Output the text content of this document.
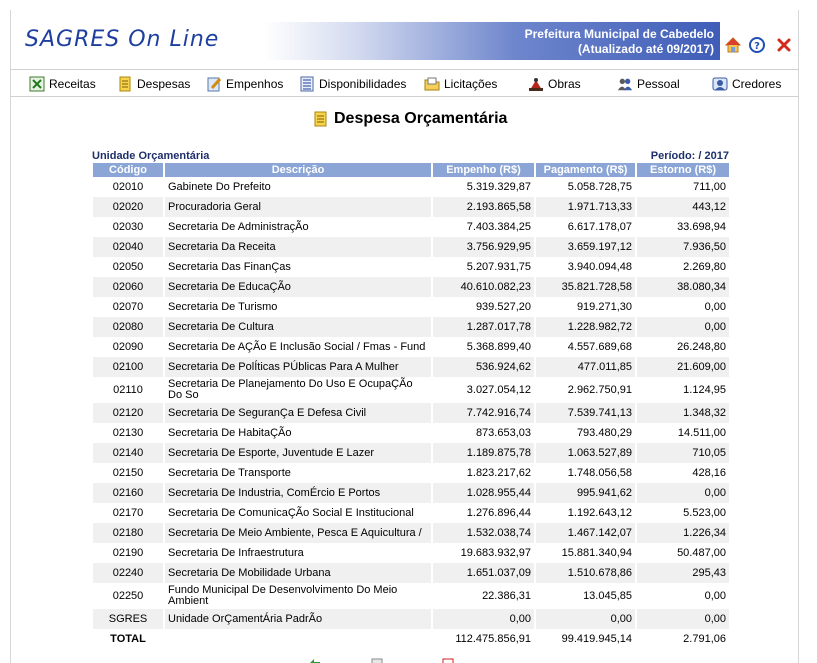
SAGRES On Line	Prefeitura Municipal de Cabedelo
(Atualizado até 09/2017)	?
Receitas	Despesas	Empenhos	Disponibilidades	Licitações	Obras	Pessoal	Credores
Despesa Orçamentária
Unidade Orçamentária	Período: / 2017
Código	Descrição	Empenho (R$)	Pagamento (R$)	Estorno (R$)
02010	Gabinete Do Prefeito	5.319.329,87	5.058.728,75	711,00
02020	Procuradoria Geral	2.193.865,58	1.971.713,33	443,12
02030	Secretaria De AdministraçÃo	7.403.384,25	6.617.178,07	33.698,94
02040	Secretaria Da Receita	3.756.929,95	3.659.197,12	7.936,50
02050	Secretaria Das FinanÇas	5.207.931,75	3.940.094,48	2.269,80
02060	Secretaria De EducaÇÃo	40.610.082,23	35.821.728,58	38.080,34
02070	Secretaria De Turismo	939.527,20	919.271,30	0,00
02080	Secretaria De Cultura	1.287.017,78	1.228.982,72	0,00
02090	Secretaria De AÇÃo E Inclusão Social / Fmas - Fund	5.368.899,40	4.557.689,68	26.248,80
02100	Secretaria De PolÍticas PÚblicas Para A Mulher	536.924,62	477.011,85	21.609,00
02110	Secretaria De Planejamento Do Uso E OcupaÇÃo Do So	3.027.054,12	2.962.750,91	1.124,95
02120	Secretaria De SeguranÇa E Defesa Civil	7.742.916,74	7.539.741,13	1.348,32
02130	Secretaria De HabitaÇÃo	873.653,03	793.480,29	14.511,00
02140	Secretaria De Esporte, Juventude E Lazer	1.189.875,78	1.063.527,89	710,05
02150	Secretaria De Transporte	1.823.217,62	1.748.056,58	428,16
02160	Secretaria De Industria, ComÉrcio E Portos	1.028.955,44	995.941,62	0,00
02170	Secretaria De ComunicaÇÃo Social E Institucional	1.276.896,44	1.192.643,12	5.523,00
02180	Secretaria De Meio Ambiente, Pesca E Aquicultura /	1.532.038,74	1.467.142,07	1.226,34
02190	Secretaria De Infraestrutura	19.683.932,97	15.881.340,94	50.487,00
02240	Secretaria De Mobilidade Urbana	1.651.037,09	1.510.678,86	295,43
02250	Fundo Municipal De Desenvolvimento Do Meio Ambient	22.386,31	13.045,85	0,00
SGRES	Unidade OrÇamentÁria PadrÃo	0,00	0,00	0,00
TOTAL		112.475.856,91	99.419.945,14	2.791,06
